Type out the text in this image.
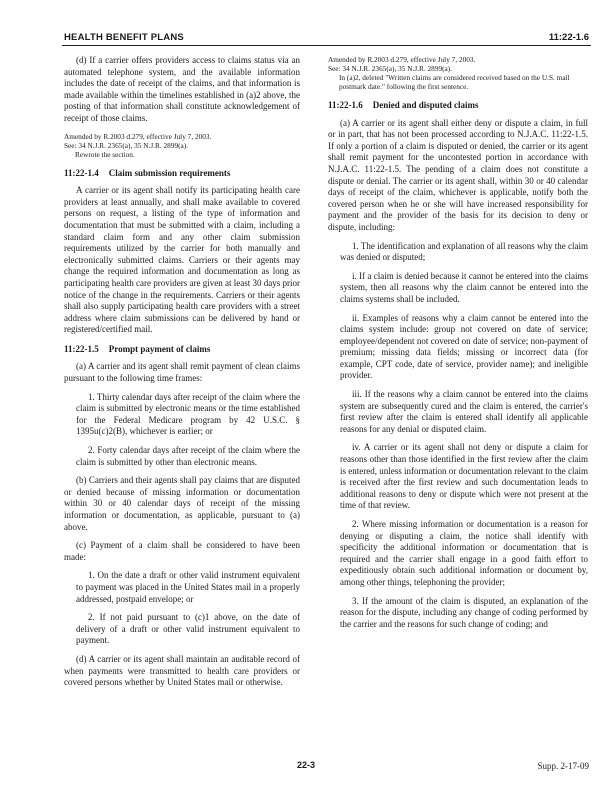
HEALTH BENEFIT PLANS	11:22-1.6

(d) If a carrier offers providers access to claims status via an automated telephone system, and the available information includes the date of receipt of the claims, and that information is made available within the timelines established in (a)2 above, the posting of that information shall constitute acknowledgement of receipt of those claims.

Amended by R.2003 d.279, effective July 7, 2003.
See: 34 N.J.R. 2365(a), 35 N.J.R. 2899(a).
Rewrote the section.
11:22-1.4 Claim submission requirements

A carrier or its agent shall notify its participating health care providers at least annually, and shall make available to covered persons on request, a listing of the type of information and documentation that must be submitted with a claim, including a standard claim form and any other claim submission requirements utilized by the carrier for both manually and electronically submitted claims. Carriers or their agents may change the required information and documentation as long as participating health care providers are given at least 30 days prior notice of the change in the requirements. Carriers or their agents shall also supply participating health care providers with a street address where claim submissions can be delivered by hand or registered/certified mail.

11:22-1.5 Prompt payment of claims

(a) A carrier and its agent shall remit payment of clean claims pursuant to the following time frames:

1. Thirty calendar days after receipt of the claim where the claim is submitted by electronic means or the time established for the Federal Medicare program by 42 U.S.C. § 1395u(c)2(B), whichever is earlier; or

2. Forty calendar days after receipt of the claim where the claim is submitted by other than electronic means.

(b) Carriers and their agents shall pay claims that are disputed or denied because of missing information or documentation within 30 or 40 calendar days of receipt of the missing information or documentation, as applicable, pursuant to (a) above.

(c) Payment of a claim shall be considered to have been made:

1. On the date a draft or other valid instrument equivalent to payment was placed in the United States mail in a properly addressed, postpaid envelope; or

2. If not paid pursuant to (c)1 above, on the date of delivery of a draft or other valid instrument equivalent to payment.

(d) A carrier or its agent shall maintain an auditable record of when payments were transmitted to health care providers or covered persons whether by United States mail or otherwise.

Amended by R.2003 d.279, effective July 7, 2003.
See: 34 N.J.R. 2365(a), 35 N.J.R. 2899(a).
In (a)2, deleted "Written claims are considered received based on the U.S. mail postmark date." following the first sentence.
11:22-1.6 Denied and disputed claims

(a) A carrier or its agent shall either deny or dispute a claim, in full or in part, that has not been processed according to N.J.A.C. 11:22-1.5. If only a portion of a claim is disputed or denied, the carrier or its agent shall remit payment for the uncontested portion in accordance with N.J.A.C. 11:22-1.5. The pending of a claim does not constitute a dispute or denial. The carrier or its agent shall, within 30 or 40 calendar days of receipt of the claim, whichever is applicable, notify both the covered person when he or she will have increased responsibility for payment and the provider of the basis for its decision to deny or dispute, including:

1. The identification and explanation of all reasons why the claim was denied or disputed;

i. If a claim is denied because it cannot be entered into the claims system, then all reasons why the claim cannot be entered into the claims systems shall be included.

ii. Examples of reasons why a claim cannot be entered into the claims system include: group not covered on date of service; employee/dependent not covered on date of service; non-payment of premium; missing data fields; missing or incorrect data (for example, CPT code, date of service, provider name); and ineligible provider.

iii. If the reasons why a claim cannot be entered into the claims system are subsequently cured and the claim is entered, the carrier's first review after the claim is entered shall identify all applicable reasons for any denial or disputed claim.

iv. A carrier or its agent shall not deny or dispute a claim for reasons other than those identified in the first review after the claim is entered, unless information or documentation relevant to the claim is received after the first review and such documentation leads to additional reasons to deny or dispute which were not present at the time of that review.

2. Where missing information or documentation is a reason for denying or disputing a claim, the notice shall identify with specificity the additional information or documentation that is required and the carrier shall engage in a good faith effort to expeditiously obtain such additional information or document by, among other things, telephoning the provider;

3. If the amount of the claim is disputed, an explanation of the reason for the dispute, including any change of coding performed by the carrier and the reasons for such change of coding; and

22-3	Supp. 2-17-09
